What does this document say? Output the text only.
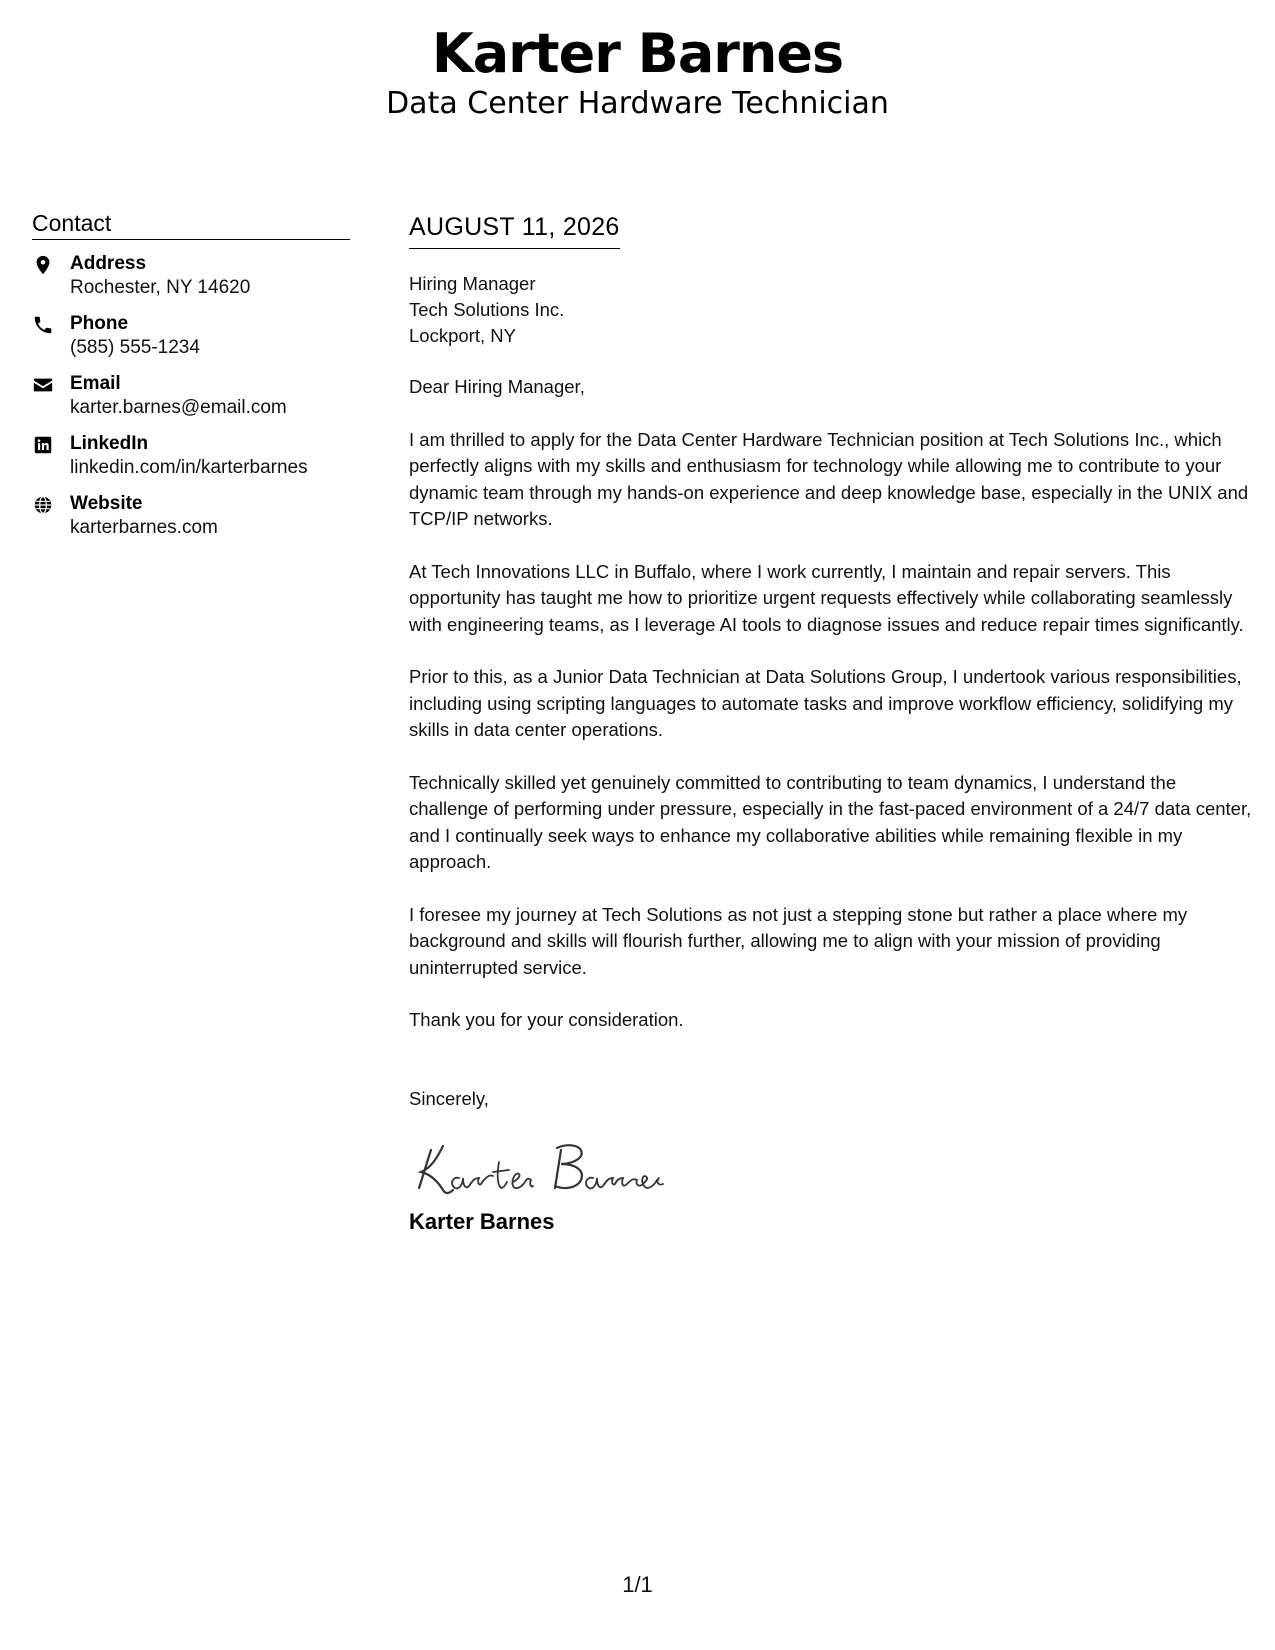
Karter Barnes
Data Center Hardware Technician
Contact
Address
Rochester, NY 14620
Phone
(585) 555-1234
Email
karter.barnes@email.com
LinkedIn
linkedin.com/in/karterbarnes
Website
karterbarnes.com
AUGUST 11, 2026
Hiring Manager
Tech Solutions Inc.
Lockport, NY

Dear Hiring Manager,

I am thrilled to apply for the Data Center Hardware Technician position at Tech Solutions Inc., which perfectly aligns with my skills and enthusiasm for technology while allowing me to contribute to your dynamic team through my hands-on experience and deep knowledge base, especially in the UNIX and TCP/IP networks.

At Tech Innovations LLC in Buffalo, where I work currently, I maintain and repair servers. This opportunity has taught me how to prioritize urgent requests effectively while collaborating seamlessly with engineering teams, as I leverage AI tools to diagnose issues and reduce repair times significantly.

Prior to this, as a Junior Data Technician at Data Solutions Group, I undertook various responsibilities, including using scripting languages to automate tasks and improve workflow efficiency, solidifying my skills in data center operations.

Technically skilled yet genuinely committed to contributing to team dynamics, I understand the challenge of performing under pressure, especially in the fast-paced environment of a 24/7 data center, and I continually seek ways to enhance my collaborative abilities while remaining flexible in my approach.

I foresee my journey at Tech Solutions as not just a stepping stone but rather a place where my background and skills will flourish further, allowing me to align with your mission of providing uninterrupted service.

Thank you for your consideration.

Sincerely,

Karter Barnes
1/1
